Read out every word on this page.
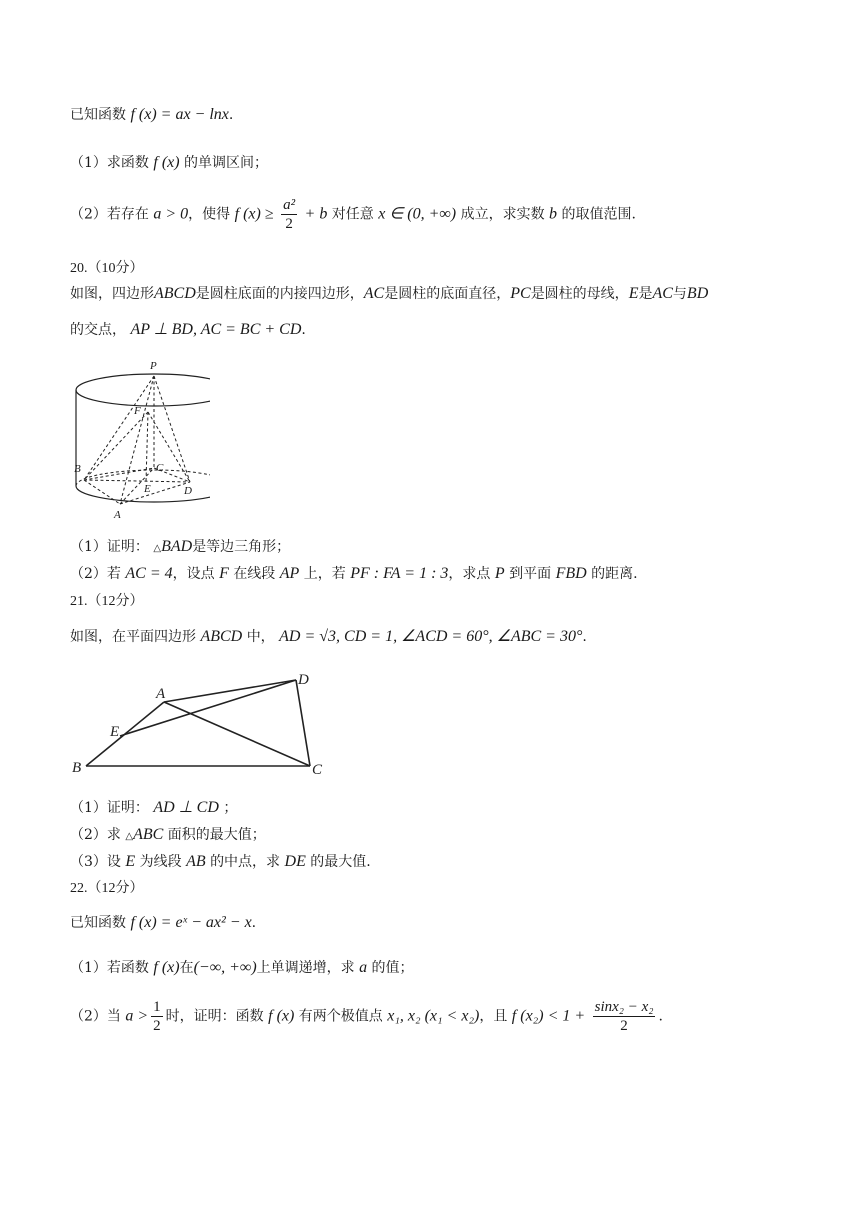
已知函数 f (x) = ax − lnx.
（1）求函数 f (x) 的单调区间；
（2）若存在 a > 0，使得 f $(x) \ge \frac{\text{a²}}{2} + b$ 对任意 x ∈ (0, +∞) 成立，求实数 b 的取值范围.
20.（10分）
如图，四边形ABCD是圆柱底面的内接四边形，AC是圆柱的底面直径，PC是圆柱的母线，E是AC与BD
的交点， AP ⊥ BD, AC = BC + CD.
P
F
B	C
E	D
A
（1）证明： △BAD是等边三角形；
（2）若 AC = 4，设点 F 在线段 AP 上，若 PF : FA = 1 : 3，求点 P 到平面 FBD 的距离.
21.（12分）
如图，在平面四边形 ABCD 中， AD = √3, CD = 1, ∠ACD = 60°, ∠ABC = 30°.
A
D
E
B	C
（1）证明： AD ⊥ CD ；
（2）求 △ABC 面积的最大值；
（3）设 E 为线段 AB 的中点，求 DE 的最大值.
22.（12分）
已知函数 f (x) = eˣ − ax² − x.
（1）若函数 f (x)在(−∞, +∞)上单调递增，求 a 的值；
（2）当 $a > \frac{1}{2}$ 时，证明：函数 f (x) 有两个极值点 x₁, x₂ (x₁ < x₂)，且 f $(x_2) < 1 + \frac{\text{sinx₂ − x₂}}{2}$ .
